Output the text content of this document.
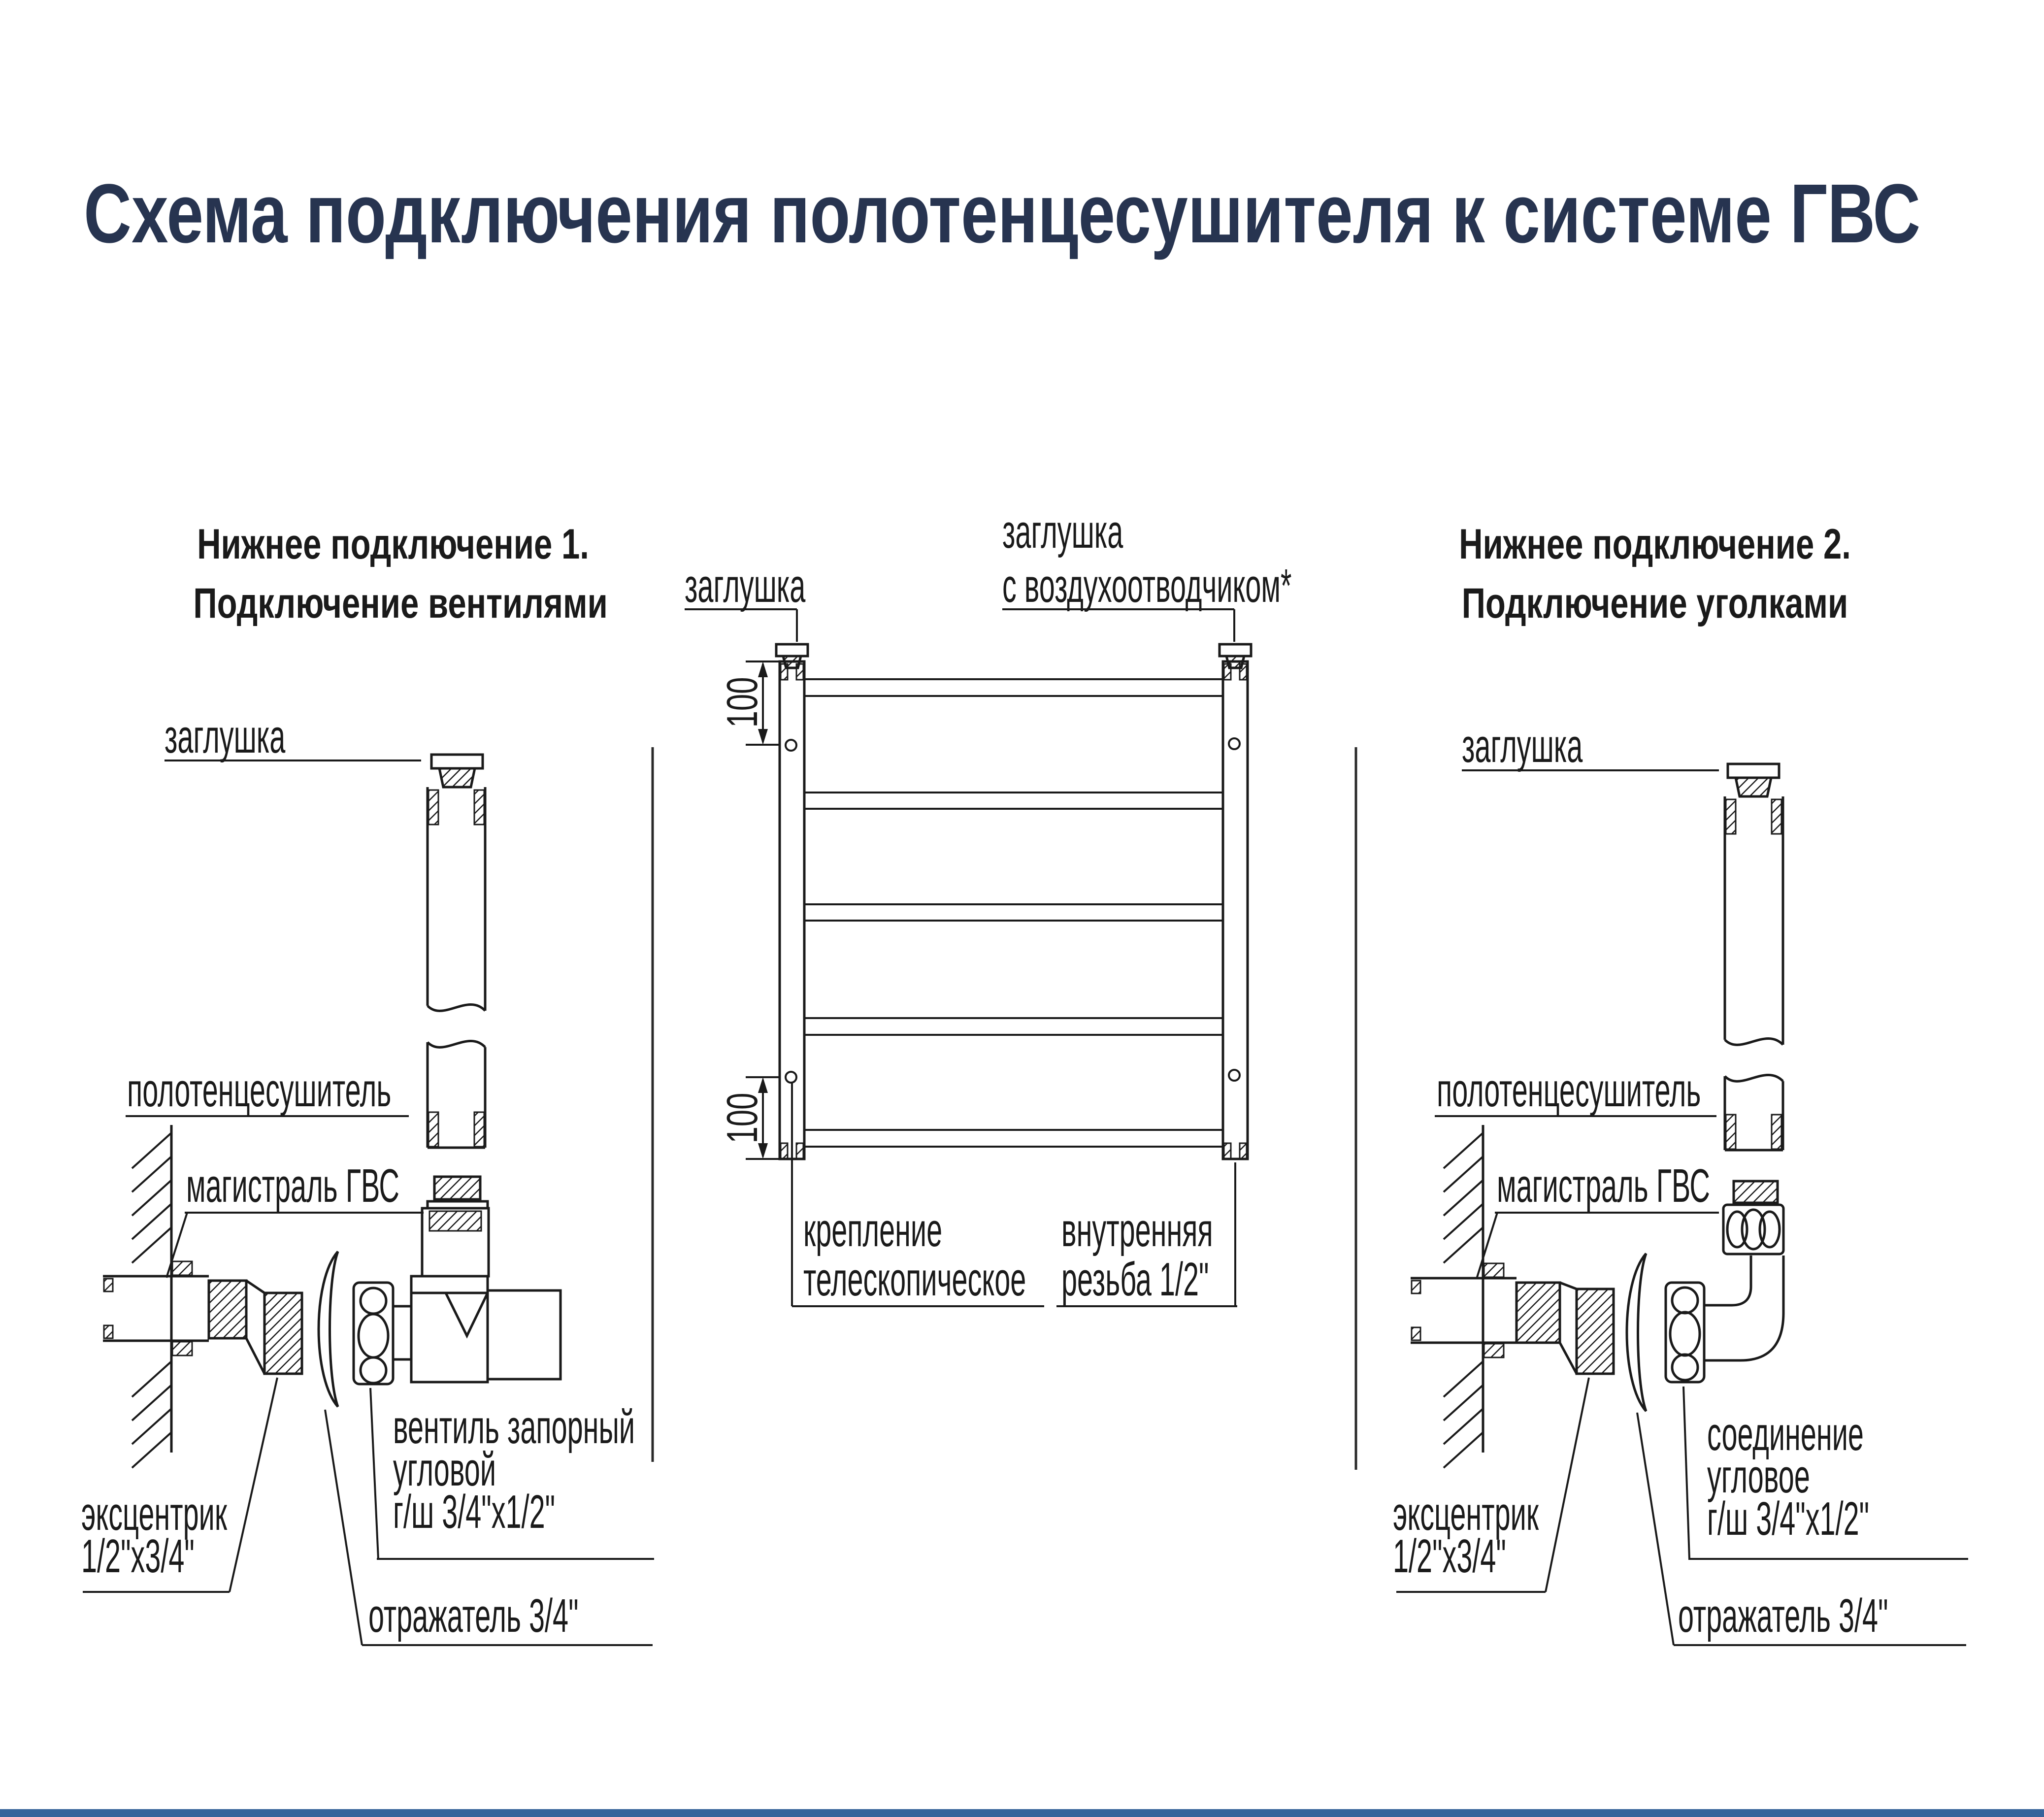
Схема подключения полотенцесушителя к системе ГВС
Нижнее подключение 1.
Подключение вентилями
Нижнее подключение 2.
Подключение уголками
заглушка
заглушка
с воздухоотводчиком*
крепление
телескопическое
внутренняя
резьба 1/2"
100
100
заглушка
полотенцесушитель
магистраль ГВС
вентиль запорный
угловой
г/ш 3/4"x1/2"
эксцентрик
1/2"x3/4"
отражатель 3/4"
заглушка
полотенцесушитель
магистраль ГВС
соединение
угловое
г/ш 3/4"x1/2"
эксцентрик
1/2"x3/4"
отражатель 3/4"
